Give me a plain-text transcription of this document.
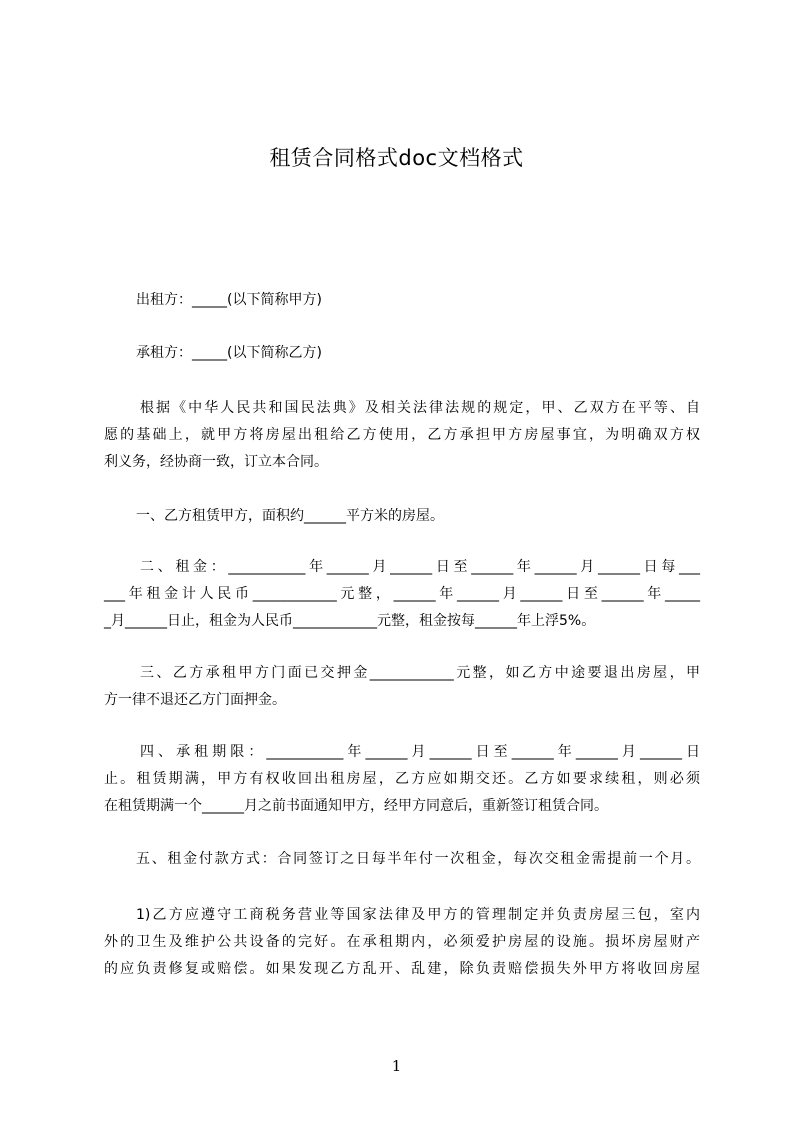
租赁合同格式doc文档格式

出租方：_____(以下简称甲方)

承租方：_____(以下简称乙方)

根据《中华人民共和国民法典》及相关法律法规的规定，甲、乙双方在平等、自
愿的基础上，就甲方将房屋出租给乙方使用，乙方承担甲方房屋事宜，为明确双方权
利义务，经协商一致，订立本合同。

一、乙方租赁甲方，面积约______平方米的房屋。

二、租金：___________年______月______日至______年______月______日每___
___年租金计人民币____________元整，______年______月______日至______年_____
_月______日止，租金为人民币____________元整，租金按每______年上浮5%。

三、乙方承租甲方门面已交押金____________元整，如乙方中途要退出房屋，甲
方一律不退还乙方门面押金。

四、承租期限：___________年______月______日至______年______月______日
止。租赁期满，甲方有权收回出租房屋，乙方应如期交还。乙方如要求续租，则必须
在租赁期满一个______月之前书面通知甲方，经甲方同意后，重新签订租赁合同。

五、租金付款方式：合同签订之日每半年付一次租金，每次交租金需提前一个月。

1)乙方应遵守工商税务营业等国家法律及甲方的管理制定并负责房屋三包，室内
外的卫生及维护公共设备的完好。在承租期内，必须爱护房屋的设施。损坏房屋财产
的应负责修复或赔偿。如果发现乙方乱开、乱建，除负责赔偿损失外甲方将收回房屋

1
